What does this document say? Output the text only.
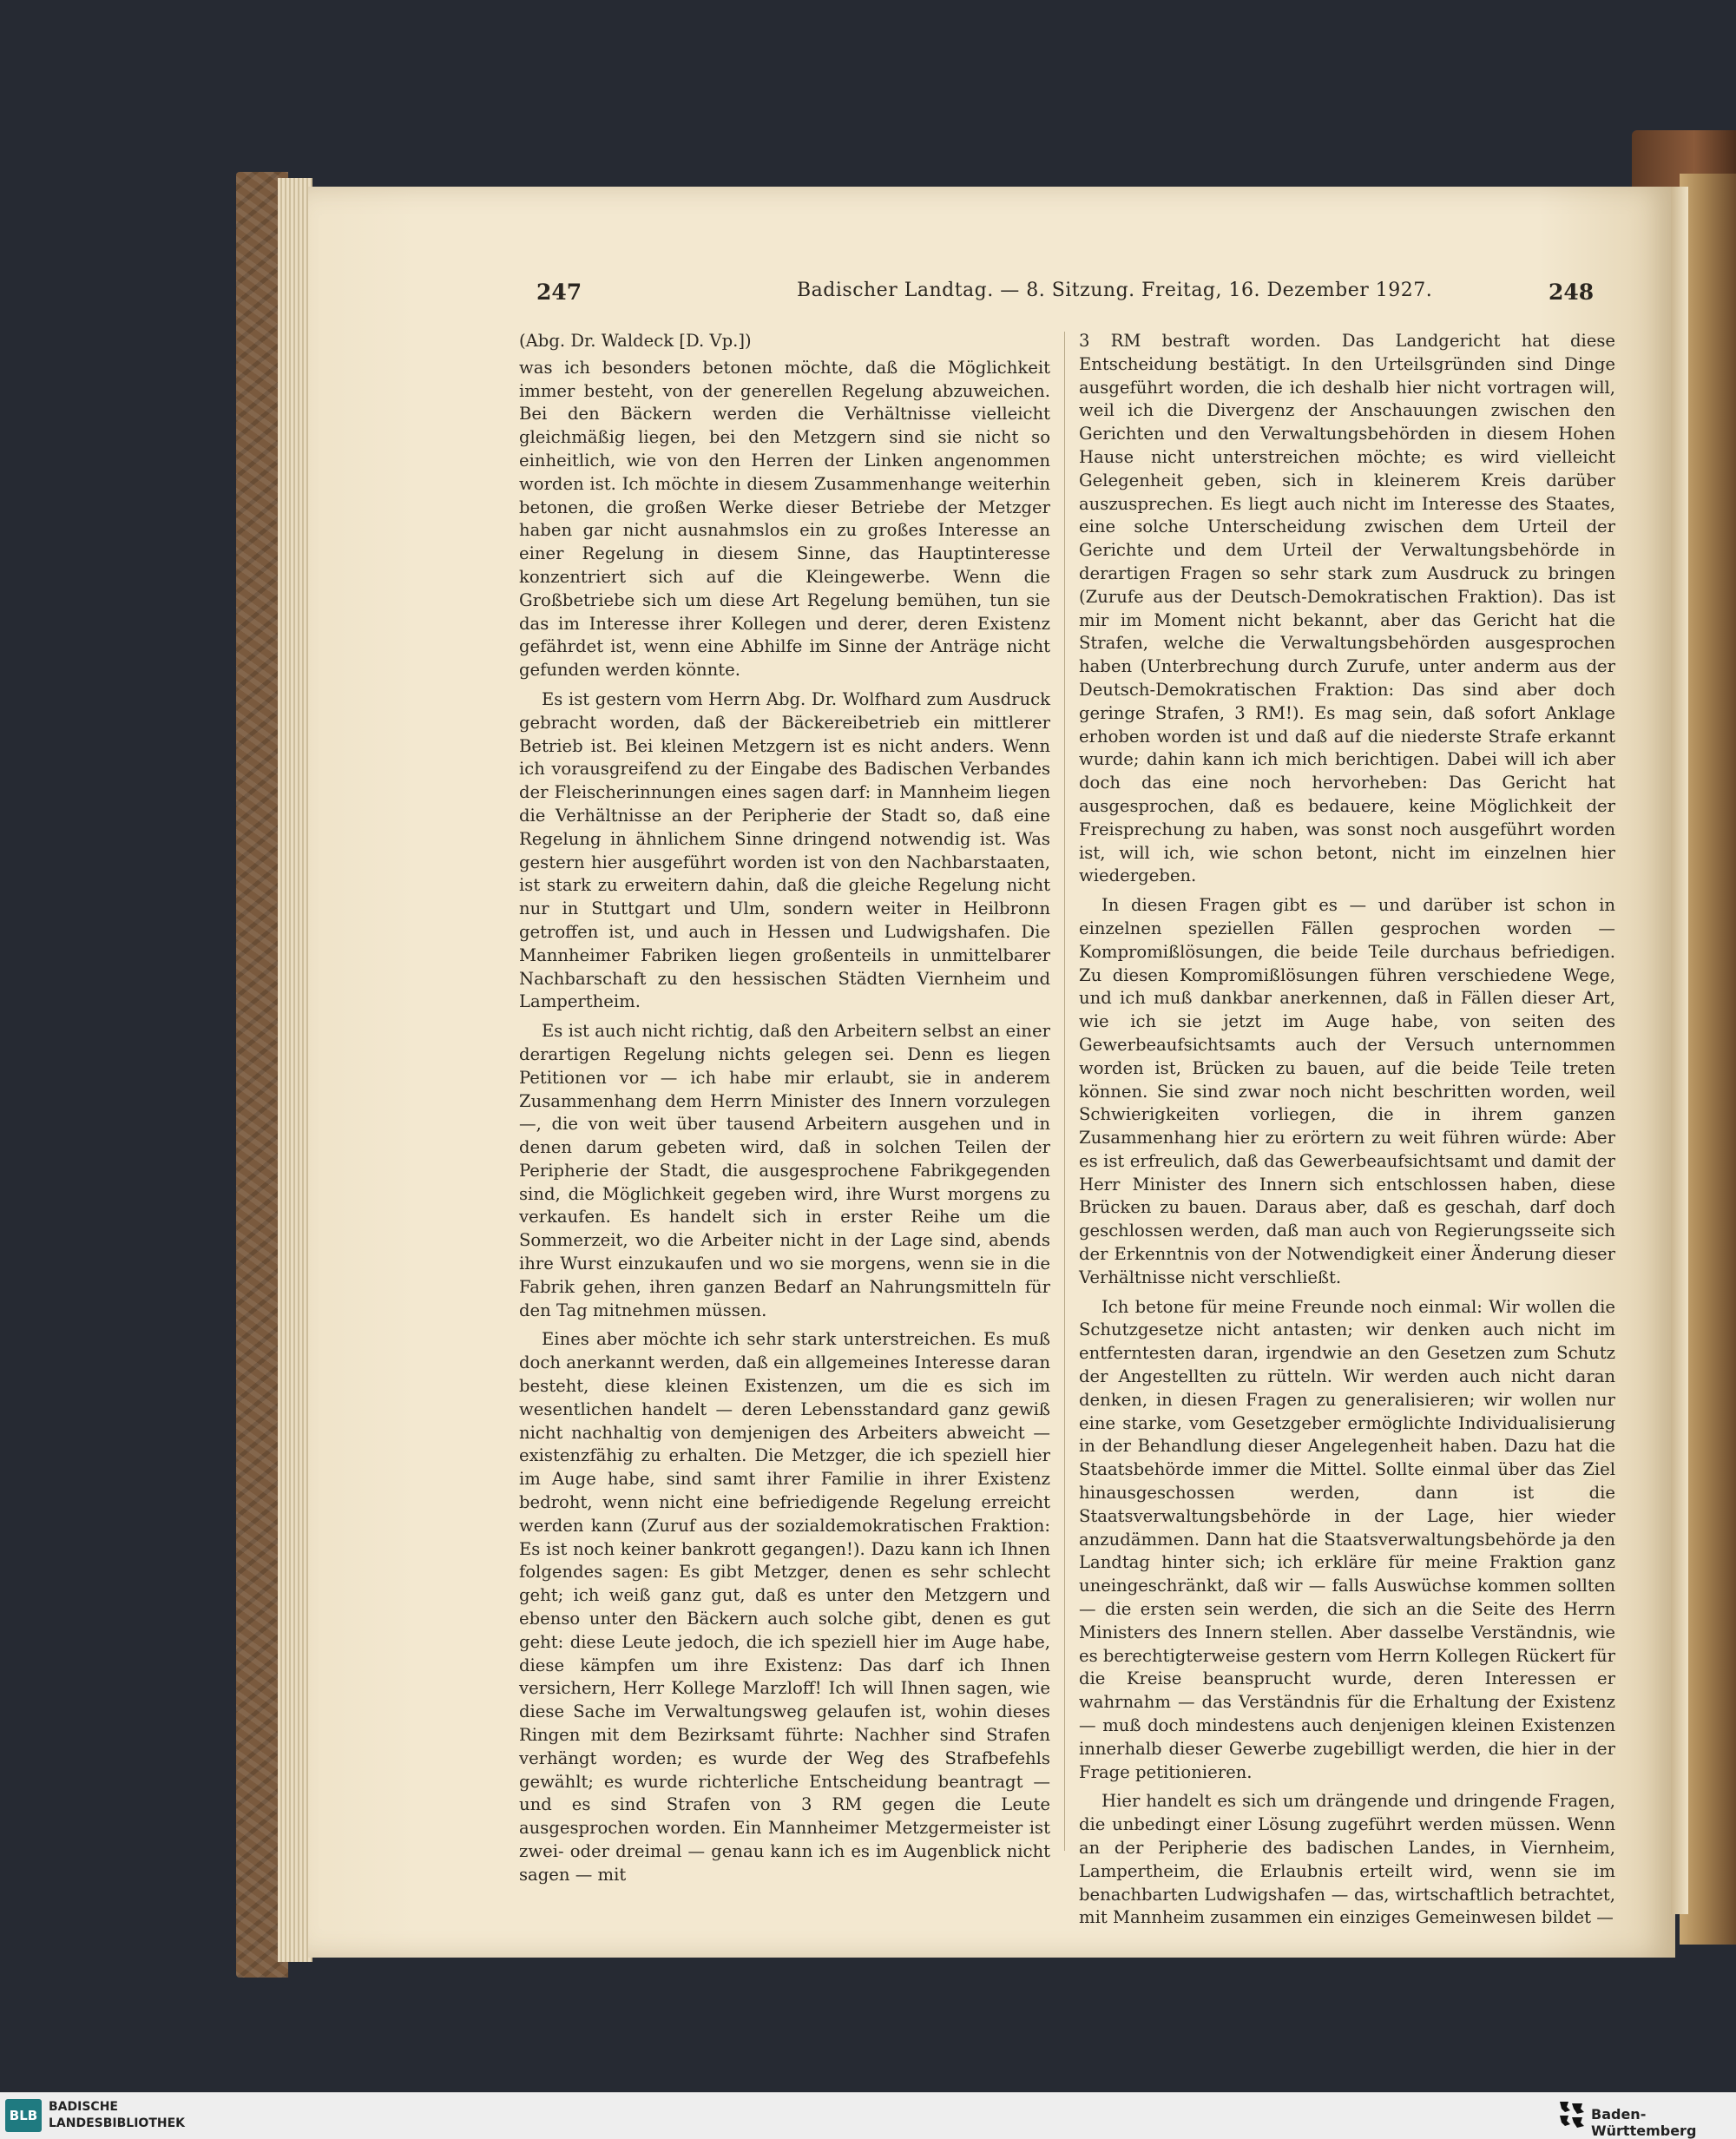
247	Badischer Landtag. — 8. Sitzung. Freitag, 16. Dezember 1927.	248

(Abg. Dr. Waldeck [D. Vp.])

was ich besonders betonen möchte, daß die Möglichkeit immer besteht, von der generellen Regelung abzuweichen. Bei den Bäckern werden die Verhältnisse vielleicht gleichmäßig liegen, bei den Metzgern sind sie nicht so einheitlich, wie von den Herren der Linken angenommen worden ist. Ich möchte in diesem Zusammenhange weiterhin betonen, die großen Werke dieser Betriebe der Metzger haben gar nicht ausnahmslos ein zu großes Interesse an einer Regelung in diesem Sinne, das Hauptinteresse konzentriert sich auf die Kleingewerbe. Wenn die Großbetriebe sich um diese Art Regelung bemühen, tun sie das im Interesse ihrer Kollegen und derer, deren Existenz gefährdet ist, wenn eine Abhilfe im Sinne der Anträge nicht gefunden werden könnte.

Es ist gestern vom Herrn Abg. Dr. Wolfhard zum Ausdruck gebracht worden, daß der Bäckereibetrieb ein mittlerer Betrieb ist. Bei kleinen Metzgern ist es nicht anders. Wenn ich vorausgreifend zu der Eingabe des Badischen Verbandes der Fleischerinnungen eines sagen darf: in Mannheim liegen die Verhältnisse an der Peripherie der Stadt so, daß eine Regelung in ähnlichem Sinne dringend notwendig ist. Was gestern hier ausgeführt worden ist von den Nachbarstaaten, ist stark zu erweitern dahin, daß die gleiche Regelung nicht nur in Stuttgart und Ulm, sondern weiter in Heilbronn getroffen ist, und auch in Hessen und Ludwigshafen. Die Mannheimer Fabriken liegen großenteils in unmittelbarer Nachbarschaft zu den hessischen Städten Viernheim und Lampertheim.

Es ist auch nicht richtig, daß den Arbeitern selbst an einer derartigen Regelung nichts gelegen sei. Denn es liegen Petitionen vor — ich habe mir erlaubt, sie in anderem Zusammenhang dem Herrn Minister des Innern vorzulegen —, die von weit über tausend Arbeitern ausgehen und in denen darum gebeten wird, daß in solchen Teilen der Peripherie der Stadt, die ausgesprochene Fabrikgegenden sind, die Möglichkeit gegeben wird, ihre Wurst morgens zu verkaufen. Es handelt sich in erster Reihe um die Sommerzeit, wo die Arbeiter nicht in der Lage sind, abends ihre Wurst einzukaufen und wo sie morgens, wenn sie in die Fabrik gehen, ihren ganzen Bedarf an Nahrungsmitteln für den Tag mitnehmen müssen.

Eines aber möchte ich sehr stark unterstreichen. Es muß doch anerkannt werden, daß ein allgemeines Interesse daran besteht, diese kleinen Existenzen, um die es sich im wesentlichen handelt — deren Lebensstandard ganz gewiß nicht nachhaltig von demjenigen des Arbeiters abweicht — existenzfähig zu erhalten. Die Metzger, die ich speziell hier im Auge habe, sind samt ihrer Familie in ihrer Existenz bedroht, wenn nicht eine befriedigende Regelung erreicht werden kann (Zuruf aus der sozialdemokratischen Fraktion: Es ist noch keiner bankrott gegangen!). Dazu kann ich Ihnen folgendes sagen: Es gibt Metzger, denen es sehr schlecht geht; ich weiß ganz gut, daß es unter den Metzgern und ebenso unter den Bäckern auch solche gibt, denen es gut geht: diese Leute jedoch, die ich speziell hier im Auge habe, diese kämpfen um ihre Existenz: Das darf ich Ihnen versichern, Herr Kollege Marzloff! Ich will Ihnen sagen, wie diese Sache im Verwaltungsweg gelaufen ist, wohin dieses Ringen mit dem Bezirksamt führte: Nachher sind Strafen verhängt worden; es wurde der Weg des Strafbefehls gewählt; es wurde richterliche Entscheidung beantragt — und es sind Strafen von 3 RM gegen die Leute ausgesprochen worden. Ein Mannheimer Metzgermeister ist zwei- oder dreimal — genau kann ich es im Augenblick nicht sagen — mit

3 RM bestraft worden. Das Landgericht hat diese Entscheidung bestätigt. In den Urteilsgründen sind Dinge ausgeführt worden, die ich deshalb hier nicht vortragen will, weil ich die Divergenz der Anschauungen zwischen den Gerichten und den Verwaltungsbehörden in diesem Hohen Hause nicht unterstreichen möchte; es wird vielleicht Gelegenheit geben, sich in kleinerem Kreis darüber auszusprechen. Es liegt auch nicht im Interesse des Staates, eine solche Unterscheidung zwischen dem Urteil der Gerichte und dem Urteil der Verwaltungsbehörde in derartigen Fragen so sehr stark zum Ausdruck zu bringen (Zurufe aus der Deutsch-Demokratischen Fraktion). Das ist mir im Moment nicht bekannt, aber das Gericht hat die Strafen, welche die Verwaltungsbehörden ausgesprochen haben (Unterbrechung durch Zurufe, unter anderm aus der Deutsch-Demokratischen Fraktion: Das sind aber doch geringe Strafen, 3 RM!). Es mag sein, daß sofort Anklage erhoben worden ist und daß auf die niederste Strafe erkannt wurde; dahin kann ich mich berichtigen. Dabei will ich aber doch das eine noch hervorheben: Das Gericht hat ausgesprochen, daß es bedauere, keine Möglichkeit der Freisprechung zu haben, was sonst noch ausgeführt worden ist, will ich, wie schon betont, nicht im einzelnen hier wiedergeben.

In diesen Fragen gibt es — und darüber ist schon in einzelnen speziellen Fällen gesprochen worden — Kompromißlösungen, die beide Teile durchaus befriedigen. Zu diesen Kompromißlösungen führen verschiedene Wege, und ich muß dankbar anerkennen, daß in Fällen dieser Art, wie ich sie jetzt im Auge habe, von seiten des Gewerbeaufsichtsamts auch der Versuch unternommen worden ist, Brücken zu bauen, auf die beide Teile treten können. Sie sind zwar noch nicht beschritten worden, weil Schwierigkeiten vorliegen, die in ihrem ganzen Zusammenhang hier zu erörtern zu weit führen würde: Aber es ist erfreulich, daß das Gewerbeaufsichtsamt und damit der Herr Minister des Innern sich entschlossen haben, diese Brücken zu bauen. Daraus aber, daß es geschah, darf doch geschlossen werden, daß man auch von Regierungsseite sich der Erkenntnis von der Notwendigkeit einer Änderung dieser Verhältnisse nicht verschließt.

Ich betone für meine Freunde noch einmal: Wir wollen die Schutzgesetze nicht antasten; wir denken auch nicht im entferntesten daran, irgendwie an den Gesetzen zum Schutz der Angestellten zu rütteln. Wir werden auch nicht daran denken, in diesen Fragen zu generalisieren; wir wollen nur eine starke, vom Gesetzgeber ermöglichte Individualisierung in der Behandlung dieser Angelegenheit haben. Dazu hat die Staatsbehörde immer die Mittel. Sollte einmal über das Ziel hinausgeschossen werden, dann ist die Staatsverwaltungsbehörde in der Lage, hier wieder anzudämmen. Dann hat die Staatsverwaltungsbehörde ja den Landtag hinter sich; ich erkläre für meine Fraktion ganz uneingeschränkt, daß wir — falls Auswüchse kommen sollten — die ersten sein werden, die sich an die Seite des Herrn Ministers des Innern stellen. Aber dasselbe Verständnis, wie es berechtigterweise gestern vom Herrn Kollegen Rückert für die Kreise beansprucht wurde, deren Interessen er wahrnahm — das Verständnis für die Erhaltung der Existenz — muß doch mindestens auch denjenigen kleinen Existenzen innerhalb dieser Gewerbe zugebilligt werden, die hier in der Frage petitionieren.

Hier handelt es sich um drängende und dringende Fragen, die unbedingt einer Lösung zugeführt werden müssen. Wenn an der Peripherie des badischen Landes, in Viernheim, Lampertheim, die Erlaubnis erteilt wird, wenn sie im benachbarten Ludwigshafen — das, wirtschaftlich betrachtet, mit Mannheim zusammen ein einziges Gemeinwesen bildet —

BLB
BADISCHE
LANDESBIBLIOTHEK
Baden-Württemberg
